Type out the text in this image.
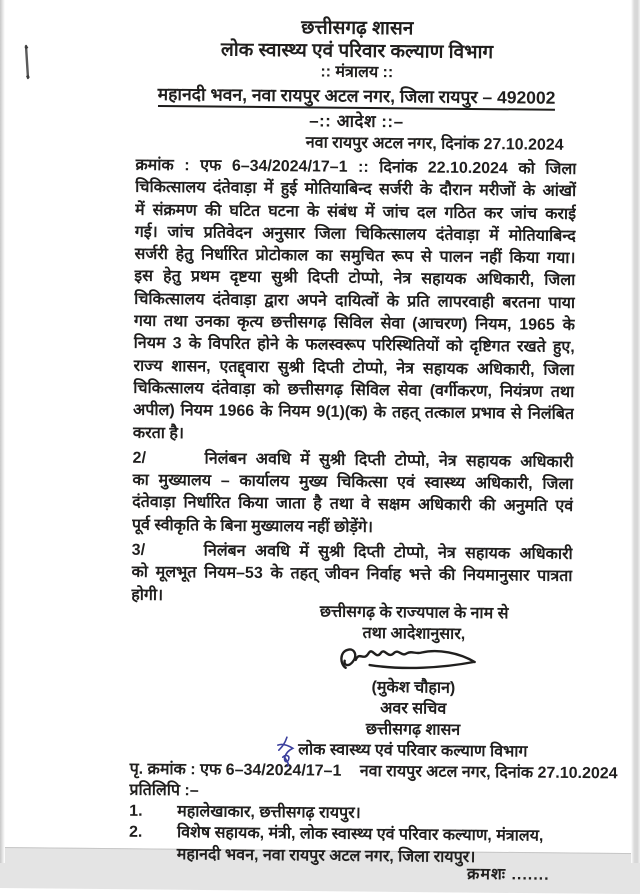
छत्तीसगढ़ शासन
लोक स्वास्थ्य एवं परिवार कल्याण विभाग
:: मंत्रालय ::
महानदी भवन, नवा रायपुर अटल नगर, जिला रायपुर – 492002
–:: आदेश ::–
नवा रायपुर अटल नगर, दिनांक 27.10.2024
क्रमांक : एफ 6–34/2024/17–1 :: दिनांक 22.10.2024 को जिला
चिकित्सालय दंतेवाड़ा में हुई मोतियाबिन्द सर्जरी के दौरान मरीजों के आंखों
में संक्रमण की घटित घटना के संबंध में जांच दल गठित कर जांच कराई
गई। जांच प्रतिवेदन अनुसार जिला चिकित्सालय दंतेवाड़ा में मोतियाबिन्द
सर्जरी हेतु निर्धारित प्रोटोकाल का समुचित रूप से पालन नहीं किया गया।
इस हेतु प्रथम दृष्टया सुश्री दिप्ती टोप्पो, नेत्र सहायक अधिकारी, जिला
चिकित्सालय दंतेवाड़ा द्वारा अपने दायित्वों के प्रति लापरवाही बरतना पाया
गया तथा उनका कृत्य छत्तीसगढ़ सिविल सेवा (आचरण) नियम, 1965 के
नियम 3 के विपरित होने के फलस्वरूप परिस्थितियों को दृष्टिगत रखते हुए,
राज्य शासन, एतद्द्वारा सुश्री दिप्ती टोप्पो, नेत्र सहायक अधिकारी, जिला
चिकित्सालय दंतेवाड़ा को छत्तीसगढ़ सिविल सेवा (वर्गीकरण, नियंत्रण तथा
अपील) नियम 1966 के नियम 9(1)(क) के तहत् तत्काल प्रभाव से निलंबित
करता है।
2/	निलंबन अवधि में सुश्री दिप्ती टोप्पो, नेत्र सहायक अधिकारी
का मुख्यालय – कार्यालय मुख्य चिकित्सा एवं स्वास्थ्य अधिकारी, जिला
दंतेवाड़ा निर्धारित किया जाता है तथा वे सक्षम अधिकारी की अनुमति एवं
पूर्व स्वीकृति के बिना मुख्यालय नहीं छोड़ेंगे।
3/	निलंबन अवधि में सुश्री दिप्ती टोप्पो, नेत्र सहायक अधिकारी
को मूलभूत नियम–53 के तहत् जीवन निर्वाह भत्ते की नियमानुसार पात्रता
होगी।
छत्तीसगढ़ के राज्यपाल के नाम से
तथा आदेशानुसार,
(मुकेश चौहान)
अवर सचिव
छत्तीसगढ़ शासन
लोक स्वास्थ्य एवं परिवार कल्याण विभाग
पृ. क्रमांक : एफ 6–34/2024/17–1 नवा रायपुर अटल नगर, दिनांक 27.10.2024
प्रतिलिपि :–
1.	महालेखाकार, छत्तीसगढ़ रायपुर।
2.	विशेष सहायक, मंत्री, लोक स्वास्थ्य एवं परिवार कल्याण, मंत्रालय,
महानदी भवन, नवा रायपुर अटल नगर, जिला रायपुर।
क्रमशः .......
